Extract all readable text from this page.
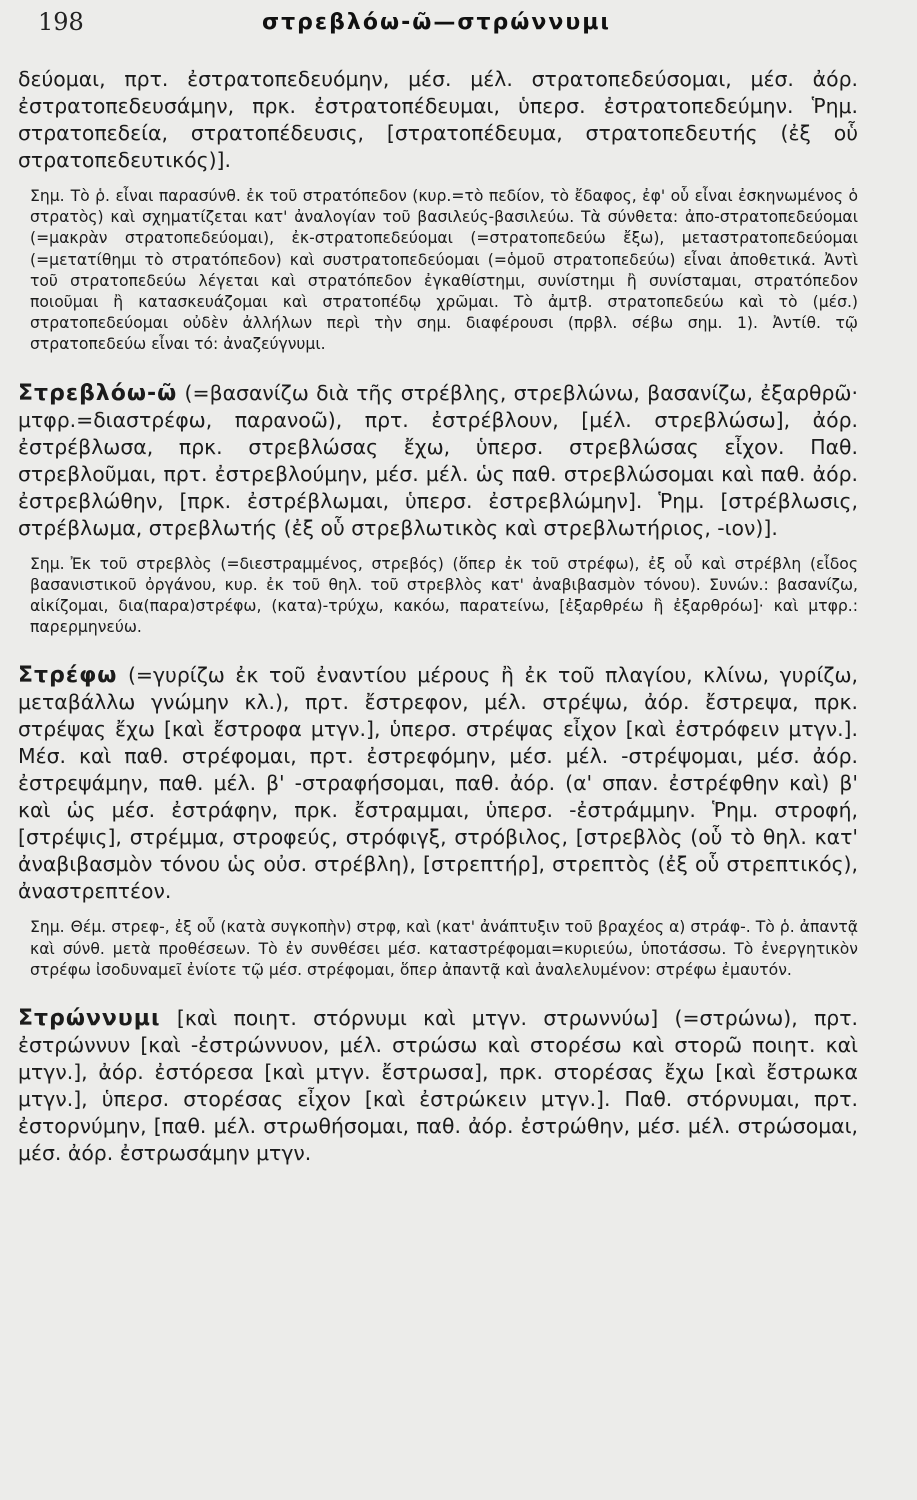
198	στρεβλόω-ῶ—στρώννυμι

δεύομαι, πρτ. ἐστρατοπεδευόμην, μέσ. μέλ. στρατοπεδεύσομαι, μέσ. ἀόρ. ἐστρατοπεδευσάμην, πρκ. ἐστρατοπέδευμαι, ὑπερσ. ἐστρατοπεδεύμην. Ῥημ. στρατοπεδεία, στρατοπέδευσις, [στρατοπέδευμα, στρατοπεδευτής (ἐξ οὗ στρατοπεδευτικός)].

Σημ. Τὸ ῥ. εἶναι παρασύνθ. ἐκ τοῦ στρατόπεδον (κυρ.=τὸ πεδίον, τὸ ἔδαφος, ἐφ' οὗ εἶναι ἐσκηνωμένος ὁ στρατὸς) καὶ σχηματίζεται κατ' ἀναλογίαν τοῦ βασιλεύς-βασιλεύω. Τὰ σύνθετα: ἀπο-στρατοπεδεύομαι (=μακρὰν στρατοπεδεύομαι), ἐκ-στρατοπεδεύομαι (=στρατοπεδεύω ἔξω), μεταστρατοπεδεύομαι (=μετατίθημι τὸ στρατόπεδον) καὶ συστρατοπεδεύομαι (=ὁμοῦ στρατοπεδεύω) εἶναι ἀποθετικά. Ἀντὶ τοῦ στρατοπεδεύω λέγεται καὶ στρατόπεδον ἐγκαθίστημι, συνίστημι ἢ συνίσταμαι, στρατόπεδον ποιοῦμαι ἢ κατασκευάζομαι καὶ στρατοπέδῳ χρῶμαι. Τὸ ἀμτβ. στρατοπεδεύω καὶ τὸ (μέσ.) στρατοπεδεύομαι οὐδὲν ἀλλήλων περὶ τὴν σημ. διαφέρουσι (πρβλ. σέβω σημ. 1). Ἀντίθ. τῷ στρατοπεδεύω εἶναι τό: ἀναζεύγνυμι.

Στρεβλόω-ῶ (=βασανίζω διὰ τῆς στρέβλης, στρεβλώνω, βασανίζω, ἐξαρθρῶ· μτφρ.=διαστρέφω, παρανοῶ), πρτ. ἐστρέβλουν, [μέλ. στρεβλώσω], ἀόρ. ἐστρέβλωσα, πρκ. στρεβλώσας ἔχω, ὑπερσ. στρεβλώσας εἶχον. Παθ. στρεβλοῦμαι, πρτ. ἐστρεβλούμην, μέσ. μέλ. ὡς παθ. στρεβλώσομαι καὶ παθ. ἀόρ. ἐστρεβλώθην, [πρκ. ἐστρέβλωμαι, ὑπερσ. ἐστρεβλώμην]. Ῥημ. [στρέβλωσις, στρέβλωμα, στρεβλωτής (ἐξ οὗ στρεβλωτικὸς καὶ στρεβλωτήριος, -ιον)].

Σημ. Ἐκ τοῦ στρεβλὸς (=διεστραμμένος, στρεβός) (ὅπερ ἐκ τοῦ στρέφω), ἐξ οὗ καὶ στρέβλη (εἶδος βασανιστικοῦ ὀργάνου, κυρ. ἐκ τοῦ θηλ. τοῦ στρεβλὸς κατ' ἀναβιβασμὸν τόνου). Συνών.: βασανίζω, αἰκίζομαι, δια(παρα)στρέφω, (κατα)-τρύχω, κακόω, παρατείνω, [ἐξαρθρέω ἢ ἐξαρθρόω]· καὶ μτφρ.: παρερμηνεύω.

Στρέφω (=γυρίζω ἐκ τοῦ ἐναντίου μέρους ἢ ἐκ τοῦ πλαγίου, κλίνω, γυρίζω, μεταβάλλω γνώμην κλ.), πρτ. ἔστρεφον, μέλ. στρέψω, ἀόρ. ἔστρεψα, πρκ. στρέψας ἔχω [καὶ ἔστροφα μτγν.], ὑπερσ. στρέψας εἶχον [καὶ ἐστρόφειν μτγν.]. Μέσ. καὶ παθ. στρέφομαι, πρτ. ἐστρεφόμην, μέσ. μέλ. -στρέψομαι, μέσ. ἀόρ. ἐστρεψάμην, παθ. μέλ. β' -στραφήσομαι, παθ. ἀόρ. (α' σπαν. ἐστρέφθην καὶ) β' καὶ ὡς μέσ. ἐστράφην, πρκ. ἔστραμμαι, ὑπερσ. -ἐστράμμην. Ῥημ. στροφή, [στρέψις], στρέμμα, στροφεύς, στρόφιγξ, στρόβιλος, [στρεβλὸς (οὗ τὸ θηλ. κατ' ἀναβιβασμὸν τόνου ὡς οὐσ. στρέβλη), [στρεπτήρ], στρεπτὸς (ἐξ οὗ στρεπτικός), ἀναστρεπτέον.

Σημ. Θέμ. στρεφ-, ἐξ οὗ (κατὰ συγκοπὴν) στρφ, καὶ (κατ' ἀνάπτυξιν τοῦ βραχέος α) στράφ-. Τὸ ῥ. ἀπαντᾷ καὶ σύνθ. μετὰ προθέσεων. Τὸ ἐν συνθέσει μέσ. καταστρέφομαι=κυριεύω, ὑποτάσσω. Τὸ ἐνεργητικὸν στρέφω ἰσοδυναμεῖ ἐνίοτε τῷ μέσ. στρέφομαι, ὅπερ ἀπαντᾷ καὶ ἀναλελυμένον: στρέφω ἐμαυτόν.

Στρώννυμι [καὶ ποιητ. στόρνυμι καὶ μτγν. στρωννύω] (=στρώνω), πρτ. ἐστρώννυν [καὶ -ἐστρώννυον, μέλ. στρώσω καὶ στορέσω καὶ στορῶ ποιητ. καὶ μτγν.], ἀόρ. ἐστόρεσα [καὶ μτγν. ἔστρωσα], πρκ. στορέσας ἔχω [καὶ ἔστρωκα μτγν.], ὑπερσ. στορέσας εἶχον [καὶ ἐστρώκειν μτγν.]. Παθ. στόρνυμαι, πρτ. ἐστορνύμην, [παθ. μέλ. στρωθήσομαι, παθ. ἀόρ. ἐστρώθην, μέσ. μέλ. στρώσομαι, μέσ. ἀόρ. ἐστρωσάμην μτγν.
